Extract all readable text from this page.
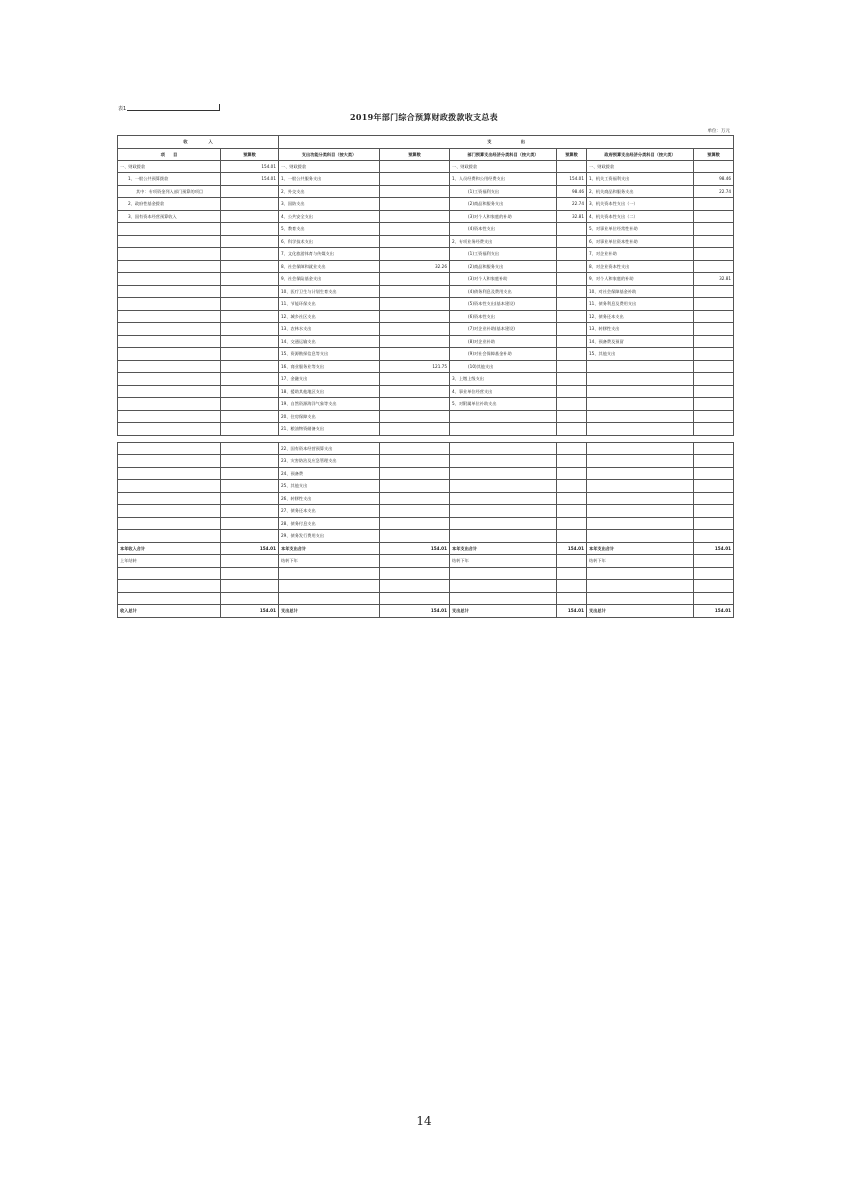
表1
2019年部门综合预算财政拨款收支总表
单位：万元
收　　　　　入		支　　　　　　　出					
项　　目	预算数	支出功能分类科目（按大类）	预算数	部门预算支出经济分类科目（按大类）	预算数	政府预算支出经济分类科目（按大类）	预算数
一、财政拨款	154.01	一、财政拨款		一、财政拨款		一、财政拨款	
1、一般公共预算拨款	154.01	1、一般公共服务支出		1、人员经费和公用经费支出	154.01	1、机关工资福利支出	98.46
其中：专项资金列入部门预算的项目		2、外交支出		(1)工资福利支出	98.46	2、机关商品和服务支出	22.74
2、政府性基金拨款		3、国防支出		(2)商品和服务支出	22.74	3、机关资本性支出（一）	
3、国有资本经营预算收入		4、公共安全支出		(3)对个人和家庭的补助	32.81	4、机关资本性支出（二）	
		5、教育支出		(4)资本性支出		5、对事业单位经常性补助	
		6、科学技术支出		2、专项业务经费支出		6、对事业单位资本性补助	
		7、文化旅游体育与传媒支出		(1)工资福利支出		7、对企业补助	
		8、社会保障和就业支出	32.26	(2)商品和服务支出		8、对企业资本性支出	
		9、社会保险基金支出		(3)对个人和家庭补助		9、对个人和家庭的补助	32.81
		10、医疗卫生与计划生育支出		(4)债务利息及费用支出		10、对社会保障基金补助	
		11、节能环保支出		(5)资本性支出(基本建设)		11、债务利息及费用支出	
		12、城乡社区支出		(6)资本性支出		12、债务还本支出	
		13、农林水支出		(7)对企业补助(基本建设)		13、转移性支出	
		14、交通运输支出		(8)对企业补助		14、预备费及预留	
		15、资源勘探信息等支出		(9)对社会保障基金补助		15、其他支出	
		16、商业服务业等支出	121.75	(10)其他支出			
		17、金融支出		3、上缴上级支出			
		18、援助其他地区支出		4、事业单位经营支出			
		19、自然资源海洋气象等支出		5、对附属单位补助支出			
		20、住房保障支出					
		21、粮油物资储备支出					

		22、国有资本经营预算支出					
		23、灾害防治及应急管理支出					
		24、预备费					
		25、其他支出					
		26、转移性支出					
		27、债务还本支出					
		28、债务付息支出					
		29、债务发行费用支出					
本年收入合计	154.01	本年支出合计	154.01	本年支出合计	154.01	本年支出合计	154.01
上年结转		结转下年		结转下年		结转下年	

收入总计	154.01	支出总计	154.01	支出总计	154.01	支出总计	154.01
14
